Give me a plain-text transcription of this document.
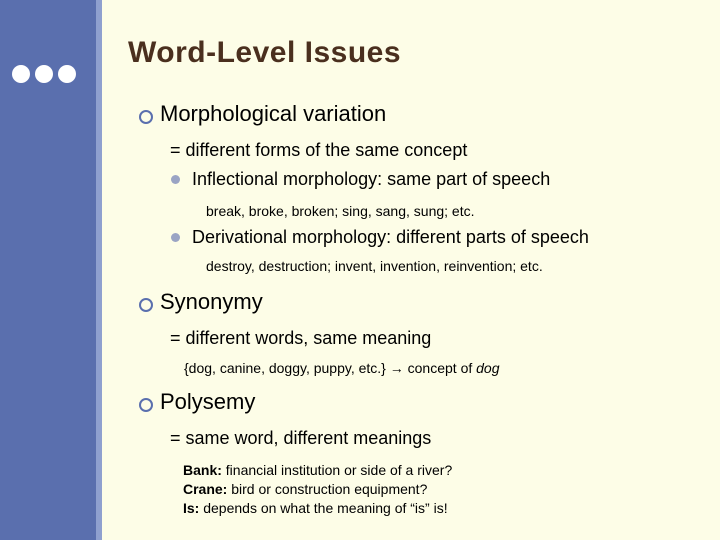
Word-Level Issues
Morphological variation
= different forms of the same concept
Inflectional morphology: same part of speech
break, broke, broken; sing, sang, sung; etc.
Derivational morphology: different parts of speech
destroy, destruction; invent, invention, reinvention; etc.
Synonymy
= different words, same meaning
{dog, canine, doggy, puppy, etc.} → concept of dog
Polysemy
= same word, different meanings
Bank: financial institution or side of a river?
Crane: bird or construction equipment?
Is: depends on what the meaning of “is” is!
